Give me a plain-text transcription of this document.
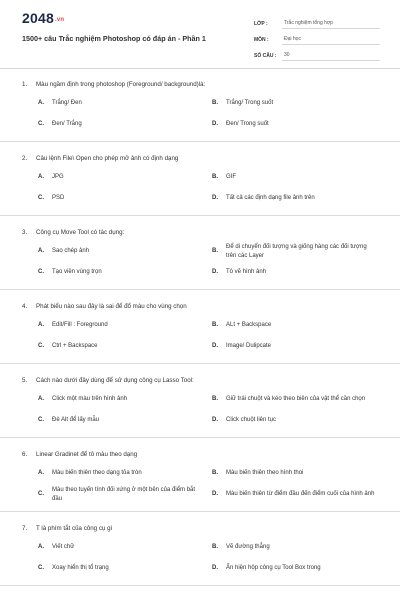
2048.vn
1500+ câu Trắc nghiệm Photoshop có đáp án - Phần 1
LỚP :	Trắc nghiệm tổng hợp
MÔN :	Đại học
SỐ CÂU :	30
1.	Màu ngầm định trong photoshop (Foreground/ background)là:
A.	Trắng/ Đen	B.	Trắng/ Trong suốt
C.	Đen/ Trắng	D.	Đen/ Trong suốt
2.	Câu lệnh File\ Open cho phép mở ảnh có định dạng
A.	JPG	B.	GIF
C.	PSD	D.	Tất cả các định dạng file ảnh trên
3.	Công cụ Move Tool có tác dụng:
A.	Sao chép ảnh	B.
Để di chuyển đối tượng và giống hàng các đối tượng trên các Layer
C.	Tạo viền vùng trọn	D.	Tô vẽ hình ảnh
4.	Phát biểu nào sau đây là sai để đổ màu cho vùng chọn
A.	Edit/Fill : Foreground	B.	ALt + Backspace
C.	Ctrl + Backspace	D.	Image/ Dulipcate
5.	Cách nào dưới đây dùng để sử dụng công cụ Lasso Tool:
A.	Click một màu trên hình ảnh	B.	Giữ trái chuột và kéo theo biên của vật thể cần chọn
C.	Đè Alt để lấy mẫu	D.	Click chuột liên tục
6.	Linear Gradinet để tô màu theo dạng
A.	Màu biến thiên theo dạng tỏa tròn	B.	Màu biến thiên theo hình thoi
C.
Màu theo tuyến tính đối xứng ở một bên của điểm bắt đầu
D.	Màu biến thiên từ điểm đầu đến điểm cuối của hình ảnh
7.	T là phím tắt của công cụ gì
A.	Viết chữ	B.	Vẽ đường thẳng
C.	Xoay hiển thị tổ trạng	D.	Ẩn hiện hộp công cụ Tool Box trong
